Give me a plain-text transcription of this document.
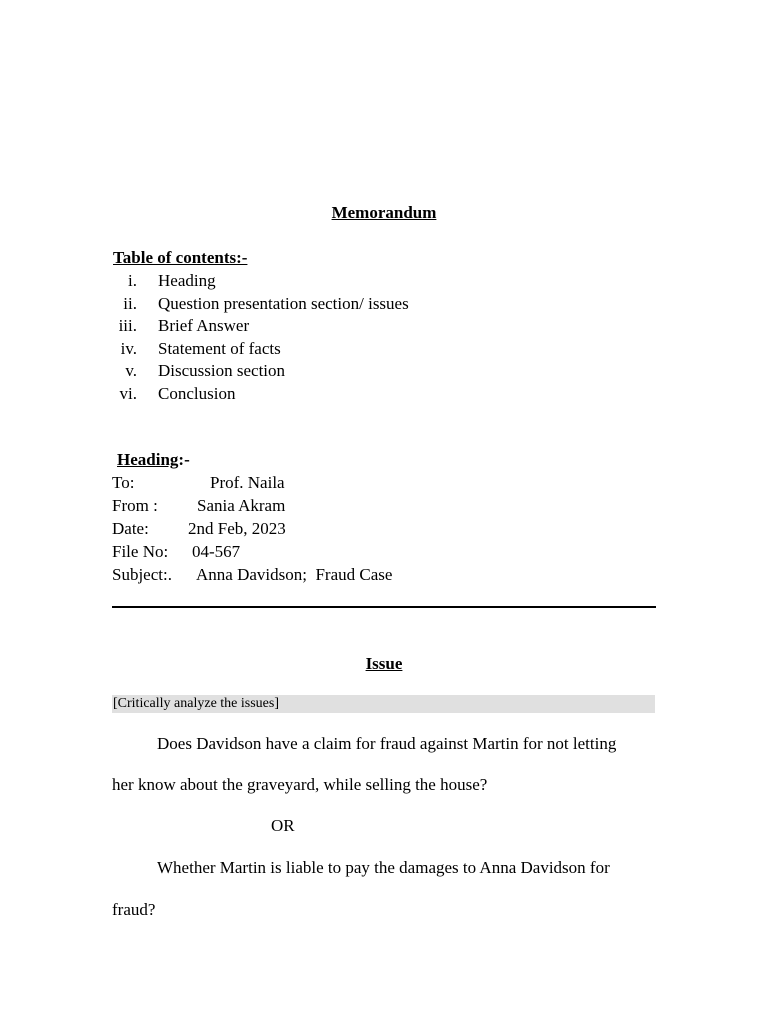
Memorandum
Table of contents:-
i. Heading
ii. Question presentation section/ issues
iii. Brief Answer
iv. Statement of facts
v. Discussion section
vi. Conclusion
Heading:-
To:	Prof. Naila
From : Sania Akram
Date: 2nd Feb, 2023
File No: 04-567
Subject:. Anna Davidson;  Fraud Case
Issue
[Critically analyze the issues]
Does Davidson have a claim for fraud against Martin for not letting
her know about the graveyard, while selling the house?
OR
Whether Martin is liable to pay the damages to Anna Davidson for
fraud?
